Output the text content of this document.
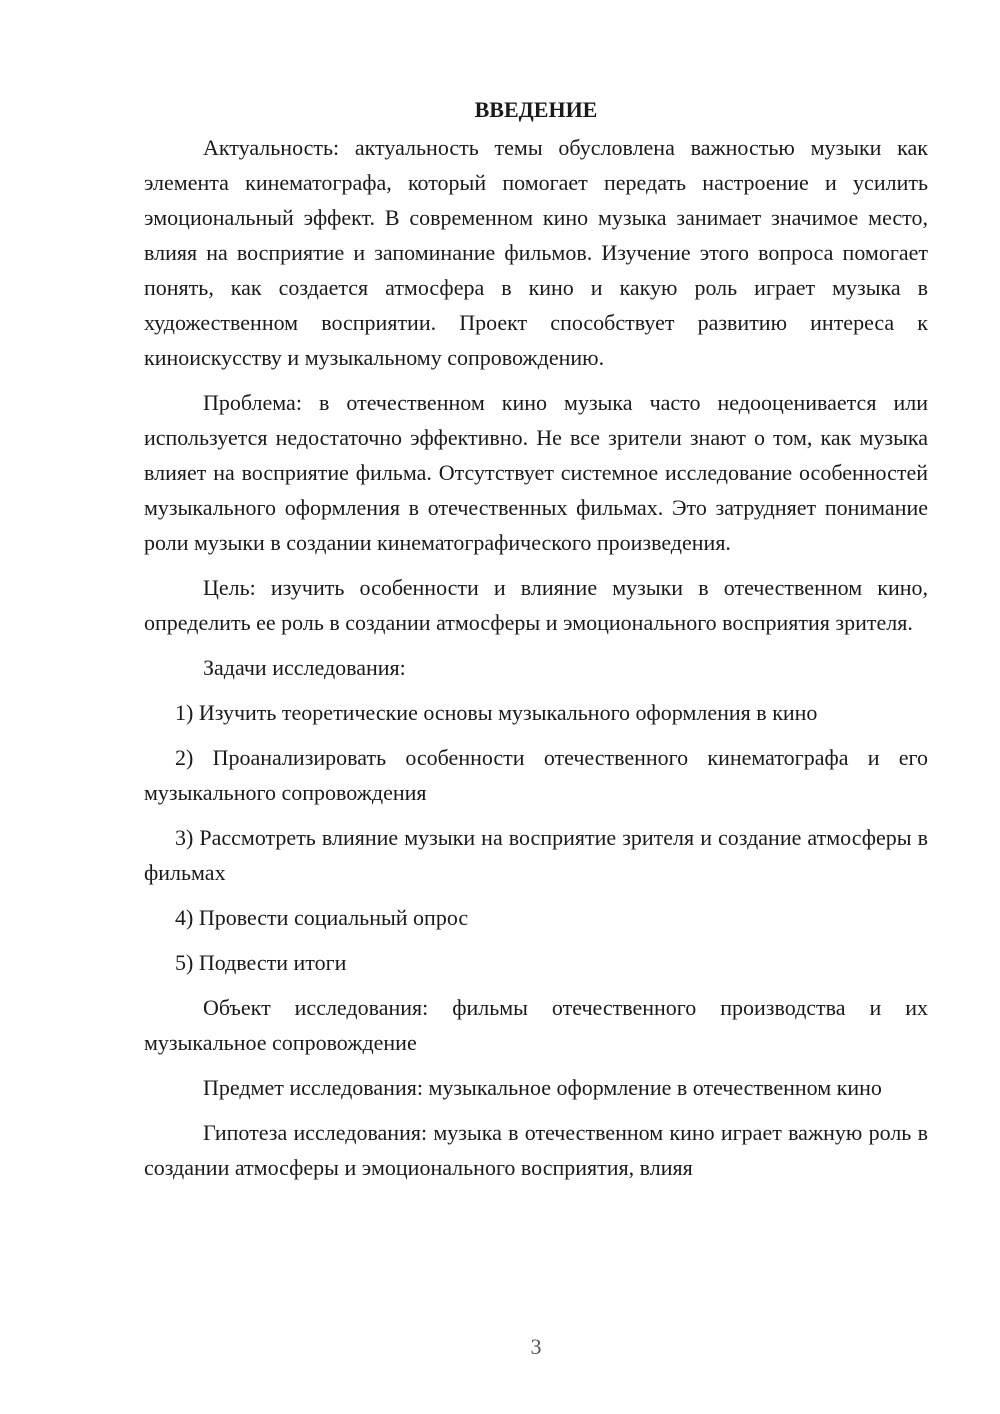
ВВЕДЕНИЕ

Актуальность: актуальность темы обусловлена важностью музыки как элемента кинематографа, который помогает передать настроение и усилить эмоциональный эффект. В современном кино музыка занимает значимое место, влияя на восприятие и запоминание фильмов. Изучение этого вопроса помогает понять, как создается атмосфера в кино и какую роль играет музыка в художественном восприятии. Проект способствует развитию интереса к киноискусству и музыкальному сопровождению.

Проблема: в отечественном кино музыка часто недооценивается или используется недостаточно эффективно. Не все зрители знают о том, как музыка влияет на восприятие фильма. Отсутствует системное исследование особенностей музыкального оформления в отечественных фильмах. Это затрудняет понимание роли музыки в создании кинематографического произведения.

Цель: изучить особенности и влияние музыки в отечественном кино, определить ее роль в создании атмосферы и эмоционального восприятия зрителя.

Задачи исследования:

1) Изучить теоретические основы музыкального оформления в кино

2) Проанализировать особенности отечественного кинематографа и его музыкального сопровождения

3) Рассмотреть влияние музыки на восприятие зрителя и создание атмосферы в фильмах

4) Провести социальный опрос

5) Подвести итоги

Объект исследования: фильмы отечественного производства и их музыкальное сопровождение

Предмет исследования: музыкальное оформление в отечественном кино

Гипотеза исследования: музыка в отечественном кино играет важную роль в создании атмосферы и эмоционального восприятия, влияя

3
